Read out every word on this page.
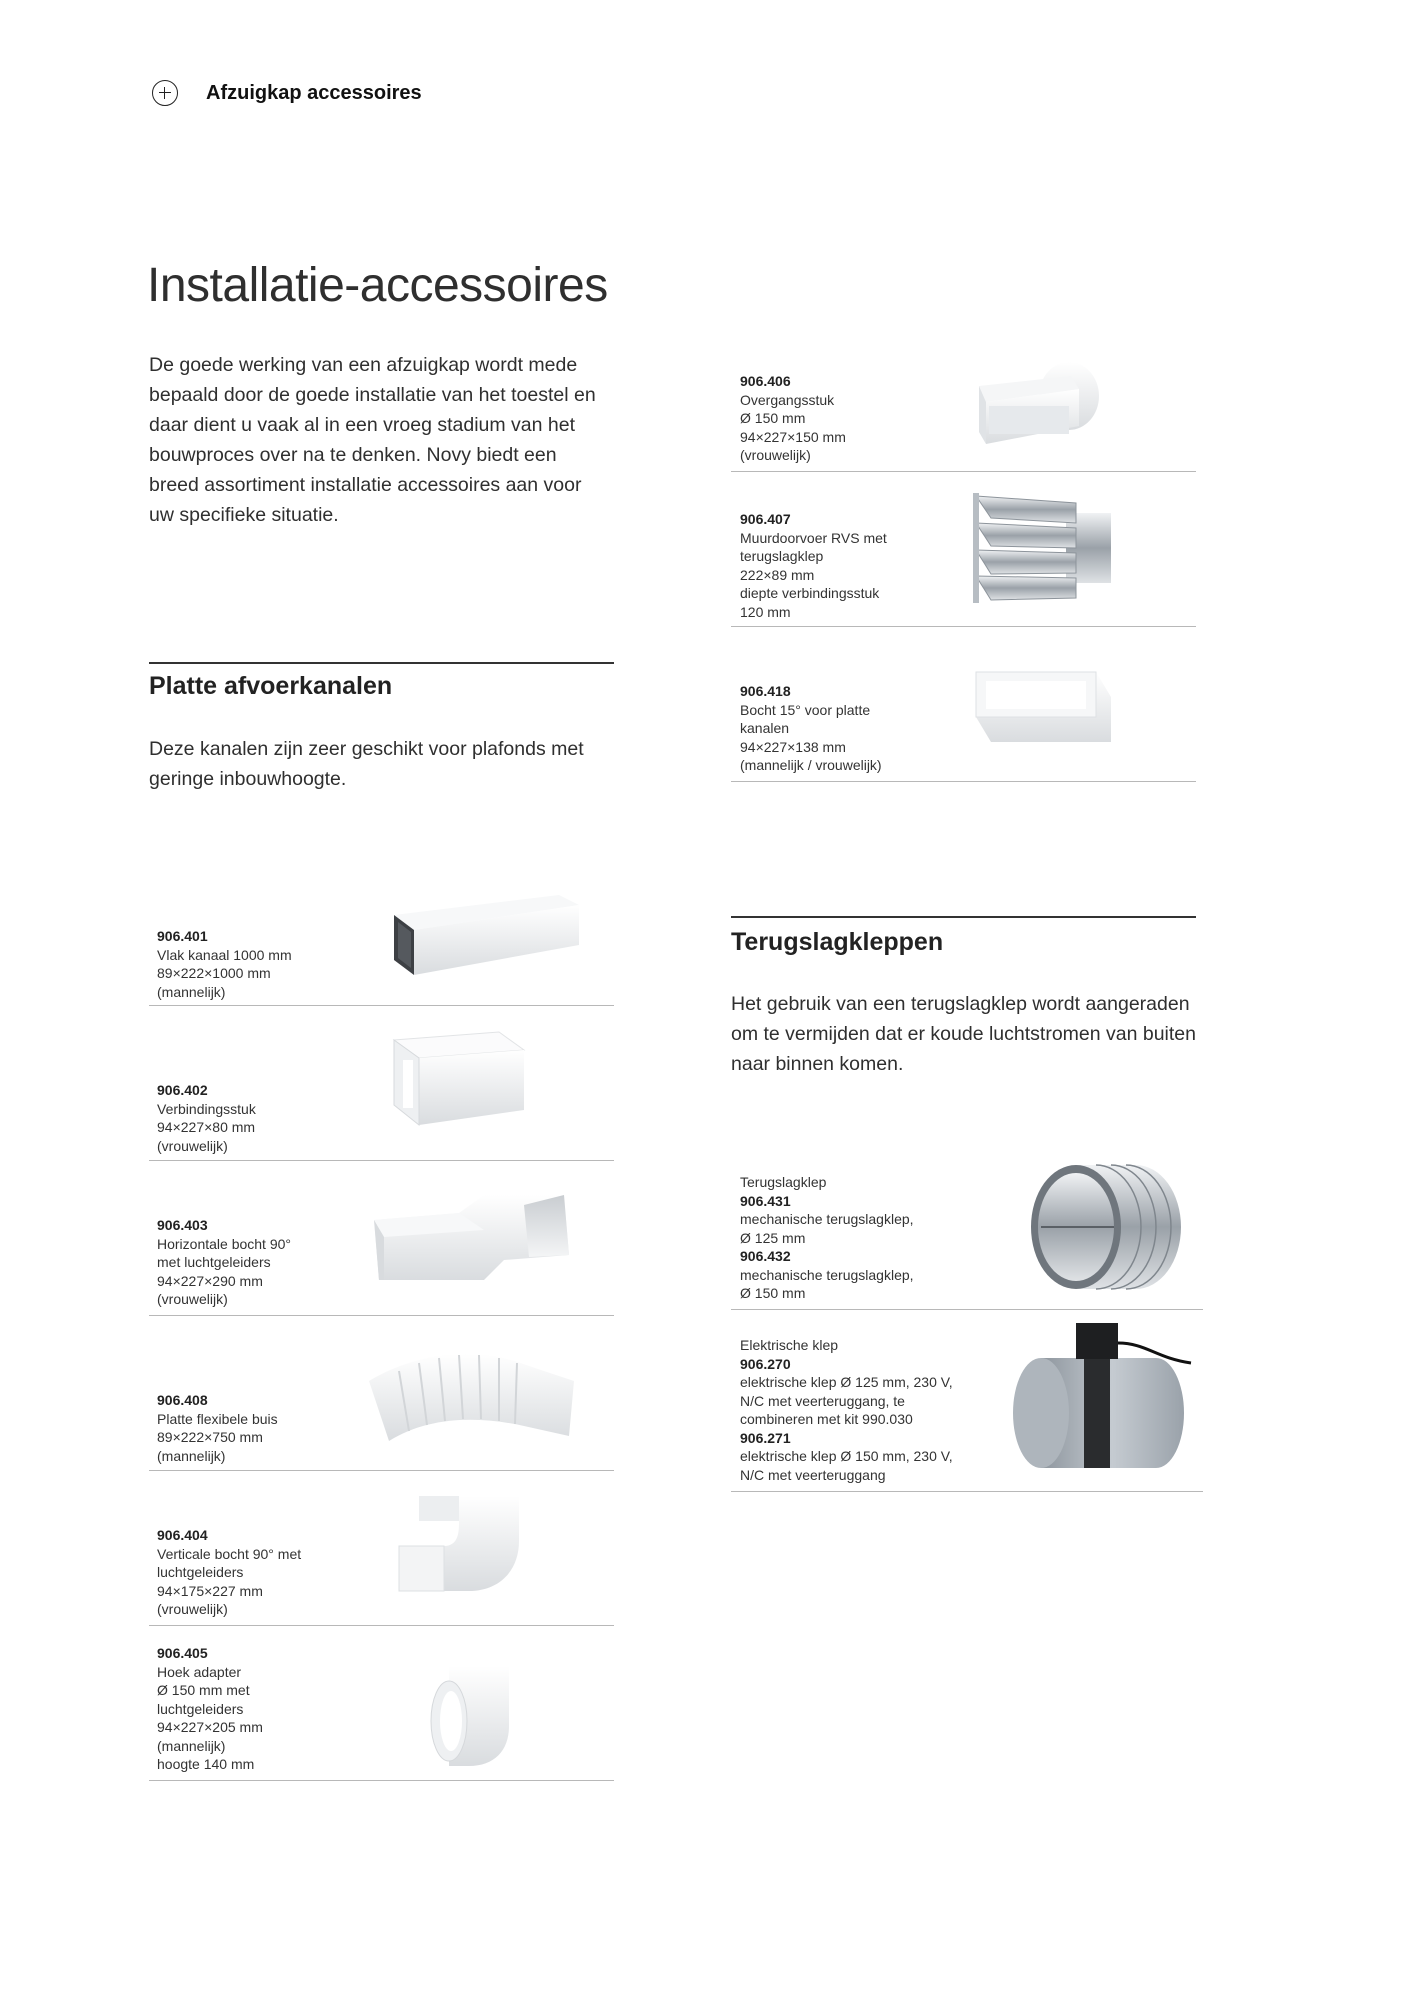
Afzuigkap accessoires
Installatie-accessoires

De goede werking van een afzuigkap wordt mede bepaald door de goede installatie van het toestel en daar dient u vaak al in een vroeg stadium van het bouwproces over na te denken. Novy biedt een breed assortiment installatie accessoires aan voor uw specifieke situatie.

Platte afvoerkanalen

Deze kanalen zijn zeer geschikt voor plafonds met geringe inbouwhoogte.

906.401
Vlak kanaal 1000 mm
89×222×1000 mm
(mannelijk)
906.402
Verbindingsstuk
94×227×80 mm
(vrouwelijk)
906.403
Horizontale bocht 90°
met luchtgeleiders
94×227×290 mm
(vrouwelijk)
906.408
Platte flexibele buis
89×222×750 mm
(mannelijk)
906.404
Verticale bocht 90° met
luchtgeleiders
94×175×227 mm
(vrouwelijk)
906.405
Hoek adapter
Ø 150 mm met
luchtgeleiders
94×227×205 mm
(mannelijk)
hoogte 140 mm
906.406
Overgangsstuk
Ø 150 mm
94×227×150 mm
(vrouwelijk)
906.407
Muurdoorvoer RVS met
terugslagklep
222×89 mm
diepte verbindingsstuk
120 mm
906.418
Bocht 15° voor platte
kanalen
94×227×138 mm
(mannelijk / vrouwelijk)
Terugslagkleppen

Het gebruik van een terugslagklep wordt aangeraden om te vermijden dat er koude luchtstromen van buiten naar binnen komen.

Terugslagklep
906.431
mechanische terugslagklep,
Ø 125 mm
906.432
mechanische terugslagklep,
Ø 150 mm
Elektrische klep
906.270
elektrische klep Ø 125 mm, 230 V,
N/C met veerteruggang, te
combineren met kit 990.030
906.271
elektrische klep Ø 150 mm, 230 V,
N/C met veerteruggang
